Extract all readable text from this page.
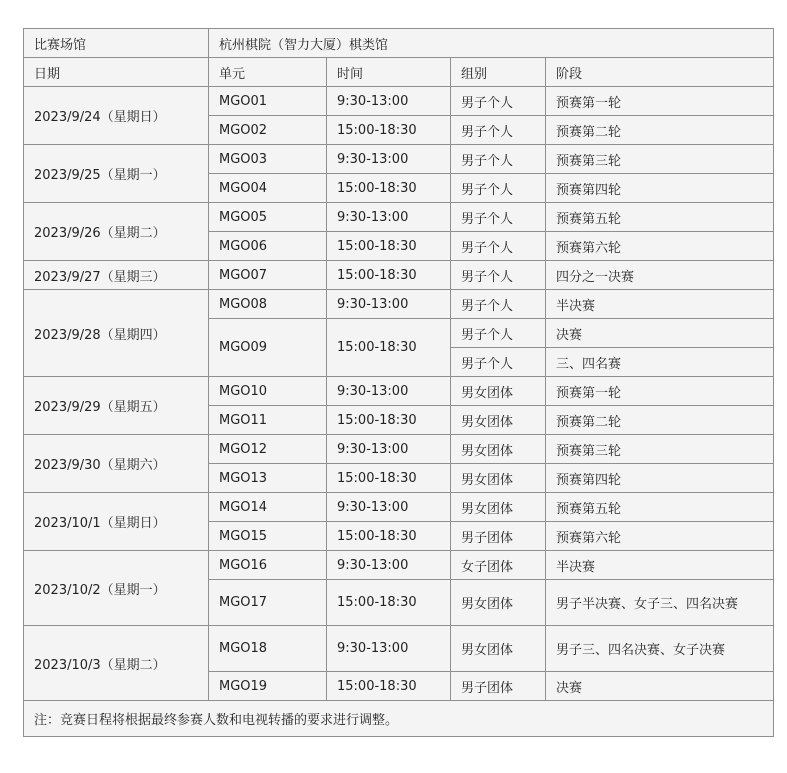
比赛场馆	杭州棋院（智力大厦）棋类馆			
日期	单元	时间	组别	阶段
2023/9/24（星期日）	MGO01	9:30-13:00	男子个人	预赛第一轮
	MGO02	15:00-18:30	男子个人	预赛第二轮
2023/9/25（星期一）	MGO03	9:30-13:00	男子个人	预赛第三轮
	MGO04	15:00-18:30	男子个人	预赛第四轮
2023/9/26（星期二）	MGO05	9:30-13:00	男子个人	预赛第五轮
	MGO06	15:00-18:30	男子个人	预赛第六轮
2023/9/27（星期三）	MGO07	15:00-18:30	男子个人	四分之一决赛
2023/9/28（星期四）	MGO08	9:30-13:00	男子个人	半决赛
	MGO09	15:00-18:30	男子个人	决赛
			男子个人	三、四名赛
2023/9/29（星期五）	MGO10	9:30-13:00	男女团体	预赛第一轮
	MGO11	15:00-18:30	男女团体	预赛第二轮
2023/9/30（星期六）	MGO12	9:30-13:00	男女团体	预赛第三轮
	MGO13	15:00-18:30	男女团体	预赛第四轮
2023/10/1（星期日）	MGO14	9:30-13:00	男女团体	预赛第五轮
	MGO15	15:00-18:30	男子团体	预赛第六轮
2023/10/2（星期一）	MGO16	9:30-13:00	女子团体	半决赛
	MGO17	15:00-18:30	男女团体	男子半决赛、女子三、四名决赛
2023/10/3（星期二）	MGO18	9:30-13:00	男女团体	男子三、四名决赛、女子决赛
	MGO19	15:00-18:30	男子团体	决赛
注：竞赛日程将根据最终参赛人数和电视转播的要求进行调整。				
